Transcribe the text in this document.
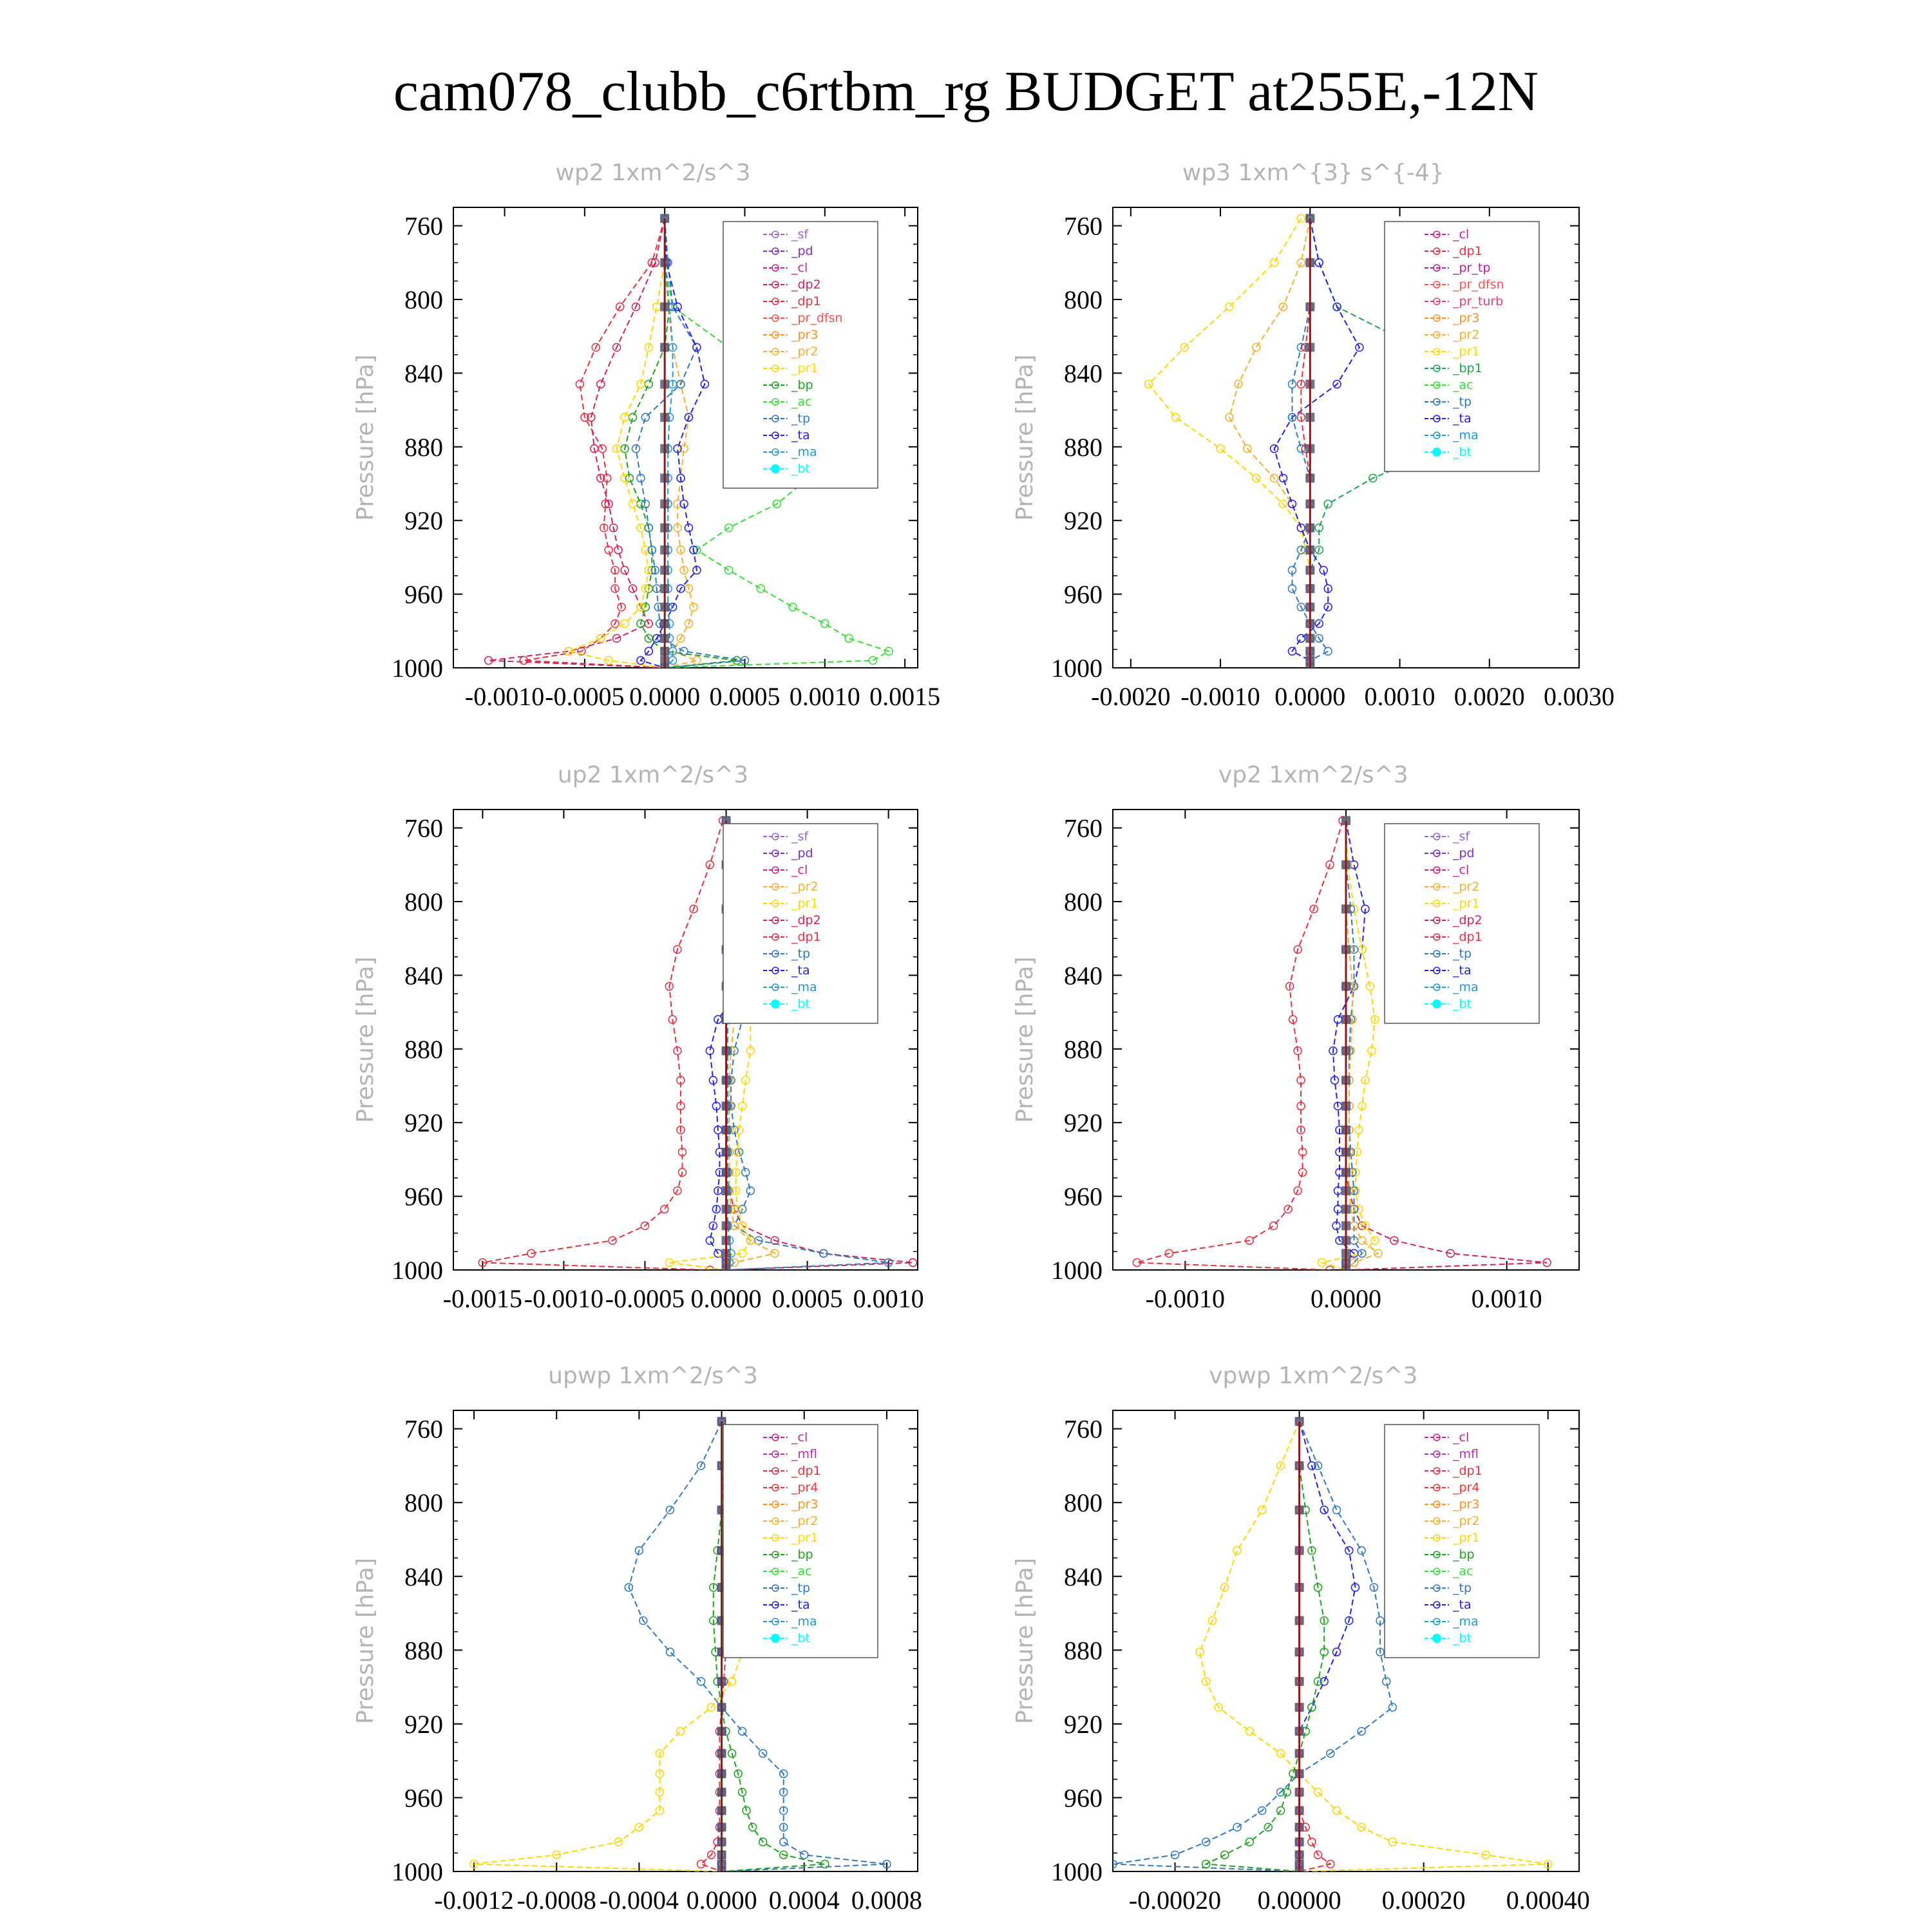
cam078_clubb_c6rtbm_rg BUDGET at255E,-12N
wp2 1xm^2/s^3
760
800
840
880
920
960
1000
Pressure [hPa]
-0.0010 -0.0005 0.0000 0.0005 0.0010 0.0015
_sf
_pd
_cl
_dp2
_dp1
_pr_dfsn
_pr3
_pr2
_pr1
_bp
_ac
_tp
_ta
_ma
_bt
wp3 1xm^{3} s^{-4}
760
800
840
880
920
960
1000
Pressure [hPa]
-0.0020 -0.0010 0.0000 0.0010 0.0020 0.0030
_cl
_dp1
_pr_tp
_pr_dfsn
_pr_turb
_pr3
_pr2
_pr1
_bp1
_ac
_tp
_ta
_ma
_bt
up2 1xm^2/s^3
760
800
840
880
920
960
1000
Pressure [hPa]
-0.0015 -0.0010 -0.0005 0.0000 0.0005 0.0010
_sf
_pd
_cl
_pr2
_pr1
_dp2
_dp1
_tp
_ta
_ma
_bt
vp2 1xm^2/s^3
760
800
840
880
920
960
1000
Pressure [hPa]
-0.0010	0.0000	0.0010
_sf
_pd
_cl
_pr2
_pr1
_dp2
_dp1
_tp
_ta
_ma
_bt
upwp 1xm^2/s^3
760
800
840
880
920
960
1000
Pressure [hPa]
-0.0012 -0.0008 -0.0004 0.0000 0.0004 0.0008
_cl
_mfl
_dp1
_pr4
_pr3
_pr2
_pr1
_bp
_ac
_tp
_ta
_ma
_bt
vpwp 1xm^2/s^3
760
800
840
880
920
960
1000
Pressure [hPa]
-0.00020 0.00000 0.00020 0.00040
_cl
_mfl
_dp1
_pr4
_pr3
_pr2
_pr1
_bp
_ac
_tp
_ta
_ma
_bt
